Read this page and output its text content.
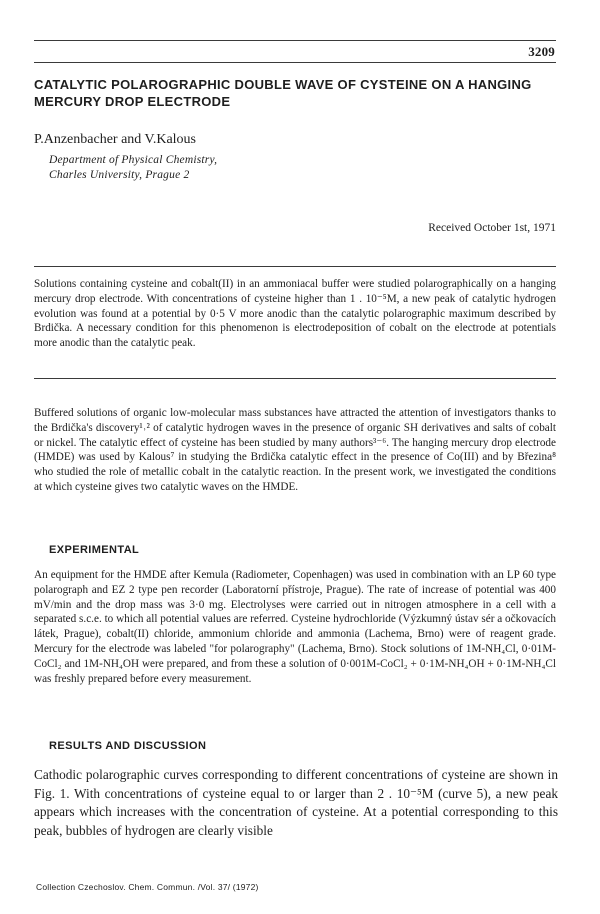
3209
CATALYTIC POLAROGRAPHIC DOUBLE WAVE OF CYSTEINE ON A HANGING MERCURY DROP ELECTRODE
P.Anzenbacher and V.Kalous
Department of Physical Chemistry,
Charles University, Prague 2
Received October 1st, 1971

Solutions containing cysteine and cobalt(II) in an ammoniacal buffer were studied polarographically on a hanging mercury drop electrode. With concentrations of cysteine higher than 1 . 10⁻⁵M, a new peak of catalytic hydrogen evolution was found at a potential by 0·5 V more anodic than the catalytic polarographic maximum described by Brdička. A necessary condition for this phenomenon is electrodeposition of cobalt on the electrode at potentials more anodic than the catalytic peak.

Buffered solutions of organic low-molecular mass substances have attracted the attention of investigators thanks to the Brdička's discovery¹˒² of catalytic hydrogen waves in the presence of organic SH derivatives and salts of cobalt or nickel. The catalytic effect of cysteine has been studied by many authors³⁻⁶. The hanging mercury drop electrode (HMDE) was used by Kalous⁷ in studying the Brdička catalytic effect in the presence of Co(III) and by Březina⁸ who studied the role of metallic cobalt in the catalytic reaction. In the present work, we investigated the conditions at which cysteine gives two catalytic waves on the HMDE.

EXPERIMENTAL

An equipment for the HMDE after Kemula (Radiometer, Copenhagen) was used in combination with an LP 60 type polarograph and EZ 2 type pen recorder (Laboratorní přístroje, Prague). The rate of increase of potential was 400 mV/min and the drop mass was 3·0 mg. Electrolyses were carried out in nitrogen atmosphere in a cell with a separated s.c.e. to which all potential values are referred. Cysteine hydrochloride (Výzkumný ústav sér a očkovacích látek, Prague), cobalt(II) chloride, ammonium chloride and ammonia (Lachema, Brno) were of reagent grade. Mercury for the electrode was labeled "for polarography" (Lachema, Brno). Stock solutions of 1M-NH₄Cl, 0·01M-CoCl₂ and 1M-NH₄OH were prepared, and from these a solution of 0·001M-CoCl₂ + 0·1M-NH₄OH + 0·1M-NH₄Cl was freshly prepared before every measurement.

RESULTS AND DISCUSSION

Cathodic polarographic curves corresponding to different concentrations of cysteine are shown in Fig. 1. With concentrations of cysteine equal to or larger than 2 . 10⁻⁵M (curve 5), a new peak appears which increases with the concentration of cysteine. At a potential corresponding to this peak, bubbles of hydrogen are clearly visible

Collection Czechoslov. Chem. Commun. /Vol. 37/ (1972)
